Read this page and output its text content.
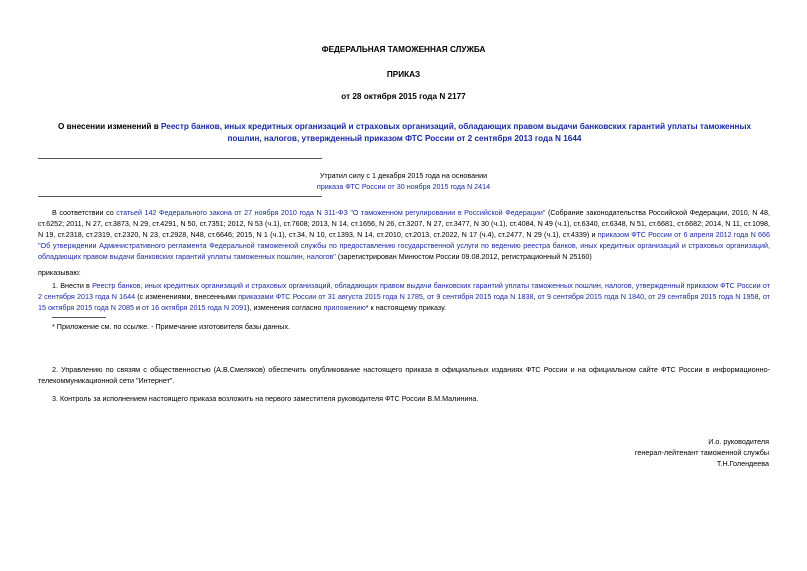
ФЕДЕРАЛЬНАЯ ТАМОЖЕННАЯ СЛУЖБА
ПРИКАЗ
от 28 октября 2015 года N 2177
О внесении изменений в Реестр банков, иных кредитных организаций и страховых организаций, обладающих правом выдачи банковских гарантий уплаты таможенных пошлин, налогов, утвержденный приказом ФТС России от 2 сентября 2013 года N 1644
Утратил силу с 1 декабря 2015 года на основании
приказа ФТС России от 30 ноября 2015 года N 2414
В соответствии со статьей 142 Федерального закона от 27 ноября 2010 года N 311-ФЗ "О таможенном регулировании в Российской Федерации" (Собрание законодательства Российской Федерации, 2010, N 48, ст.6252; 2011, N 27, ст.3873, N 29, ст.4291, N 50, ст.7351; 2012, N 53 (ч.1), ст.7608; 2013, N 14, ст.1656, N 26, ст.3207, N 27, ст.3477, N 30 (ч.1), ст.4084, N 49 (ч.1), ст.6340, ст.6348, N 51, ст.6681, ст.6682; 2014, N 11, ст.1098, N 19, ст.2318, ст.2319, ст.2320, N 23, ст.2928, N48, ст.6646; 2015, N 1 (ч.1), ст.34, N 10, ст.1393, N 14, ст.2010, ст.2013, ст.2022, N 17 (ч.4), ст.2477, N 29 (ч.1), ст.4339) и приказом ФТС России от 6 апреля 2012 года N 666 "Об утверждении Административного регламента Федеральной таможенной службы по предоставлению государственной услуги по ведению реестра банков, иных кредитных организаций и страховых организаций, обладающих правом выдачи банковских гарантий уплаты таможенных пошлин, налогов" (зарегистрирован Минюстом России 09.08.2012, регистрационный N 25160)
приказываю:
1. Внести в Реестр банков, иных кредитных организаций и страховых организаций, обладающих правом выдачи банковских гарантий уплаты таможенных пошлин, налогов, утвержденный приказом ФТС России от 2 сентября 2013 года N 1644 (с изменениями, внесенными приказами ФТС России от 31 августа 2015 года N 1785, от 9 сентября 2015 года N 1838, от 9 сентября 2015 года N 1840, от 29 сентября 2015 года N 1958, от 15 октября 2015 года N 2085 и от 16 октября 2015 года N 2091), изменения согласно приложению* к настоящему приказу.
* Приложение см. по ссылке. - Примечание изготовителя базы данных.
2. Управлению по связям с общественностью (А.В.Смеляков) обеспечить опубликование настоящего приказа в официальных изданиях ФТС России и на официальном сайте ФТС России в информационно-телекоммуникационной сети "Интернет".
3. Контроль за исполнением настоящего приказа возложить на первого заместителя руководителя ФТС России В.М.Малинина.
И.о. руководителя
генерал-лейтенант таможенной службы
Т.Н.Голендеева
